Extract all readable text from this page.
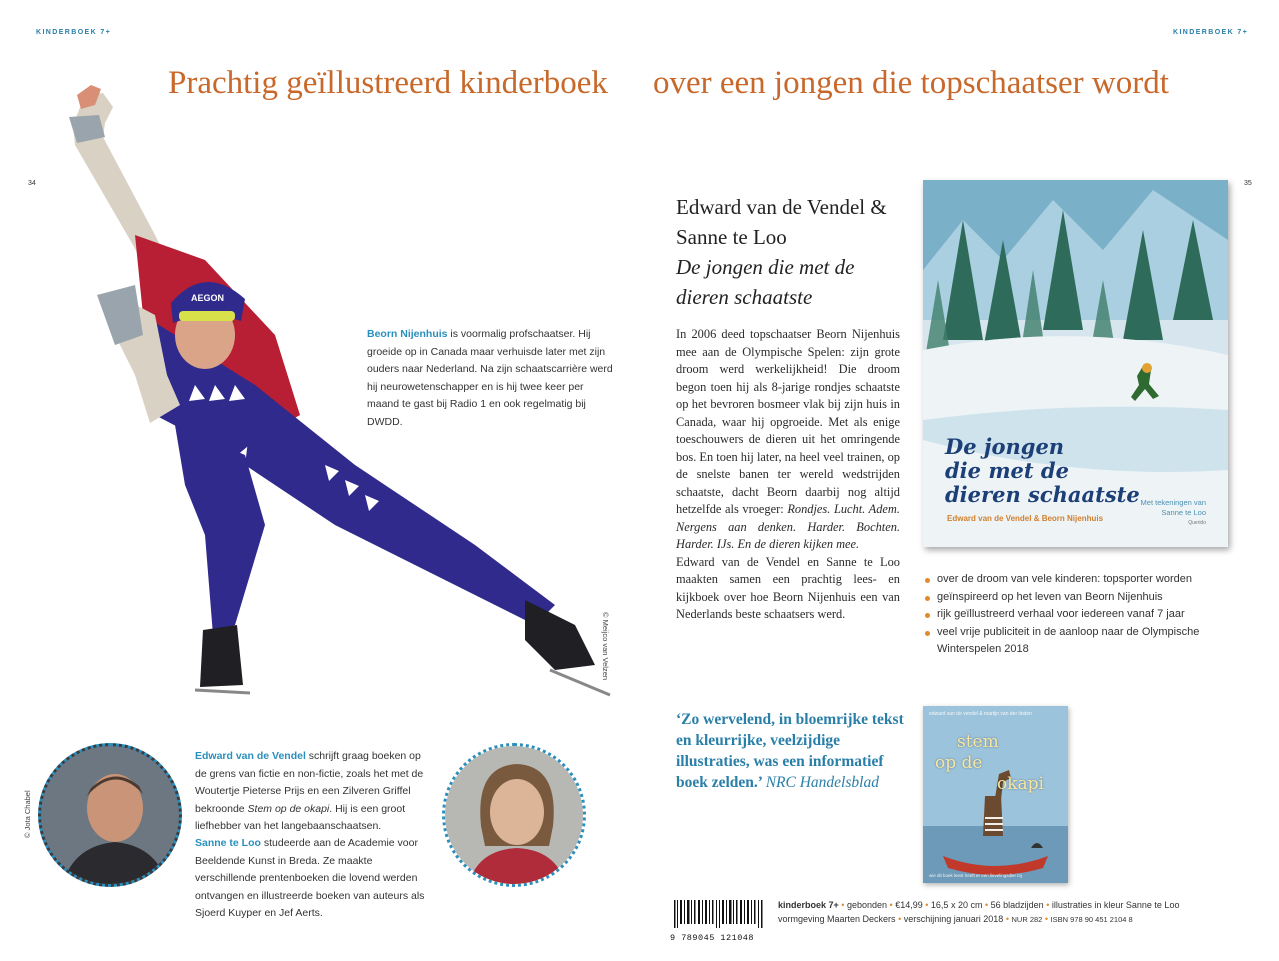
KINDERBOEK 7+	KINDERBOEK 7+
34	35
Prachtig geïllustreerd kinderboek over een jongen die topschaatser wordt
AEGON
© Meijco van Velzen
Beorn Nijenhuis is voormalig profschaatser. Hij groeide op in Canada maar verhuisde later met zijn ouders naar Nederland. Na zijn schaatscarrière werd hij neurowetenschapper en is hij twee keer per maand te gast bij Radio 1 en ook regelmatig bij DWDD.
© Jota Chabel
Edward van de Vendel schrijft graag boeken op de grens van fictie en non-fictie, zoals het met de Woutertje Pieterse Prijs en een Zilveren Griffel bekroonde Stem op de okapi. Hij is een groot liefhebber van het langebaanschaatsen.
Sanne te Loo studeerde aan de Academie voor Beeldende Kunst in Breda. Ze maakte verschillende prentenboeken die lovend werden ontvangen en illustreerde boeken van auteurs als Sjoerd Kuyper en Jef Aerts.
Edward van de Vendel &
Sanne te Loo
De jongen die met de
dieren schaatste

In 2006 deed topschaatser Beorn Nijenhuis mee aan de Olympische Spelen: zijn grote droom werd werkelijkheid! Die droom begon toen hij als 8-jarige rondjes schaatste op het bevroren bosmeer vlak bij zijn huis in Canada, waar hij opgroeide. Met als enige toeschouwers de dieren uit het omringende bos. En toen hij later, na heel veel trainen, op de snelste banen ter wereld wedstrijden schaatste, dacht Beorn daarbij nog altijd hetzelfde als vroeger: Rondjes. Lucht. Adem. Nergens aan denken. Harder. Bochten. Harder. IJs. En de dieren kijken mee.

Edward van de Vendel en Sanne te Loo maakten samen een prachtig lees- en kijkboek over hoe Beorn Nijenhuis een van Nederlands beste schaatsers werd.

De jongen
die met de
dieren schaatste
Edward van de Vendel & Beorn Nijenhuis
Met tekeningen van
Sanne te Loo
Querido
over de droom van vele kinderen: topsporter worden
geïnspireerd op het leven van Beorn Nijenhuis
rijk geïllustreerd verhaal voor iedereen vanaf 7 jaar
veel vrije publiciteit in de aanloop naar de Olympische Winterspelen 2018
‘Zo wervelend, in bloemrijke tekst en kleurrijke, veelzijdige illustraties, was een informatief boek zelden.’ NRC Handelsblad
edward van de vendel & martijn van der linden
stem
op de
okapi
wie dit boek leest heeft er een lievelingsdier bij
9 789045 121048
kinderboek 7+ • gebonden • €14,99 • 16,5 x 20 cm • 56 bladzijden • illustraties in kleur Sanne te Loo
vormgeving Maarten Deckers • verschijning januari 2018 • NUR 282 • ISBN 978 90 451 2104 8
